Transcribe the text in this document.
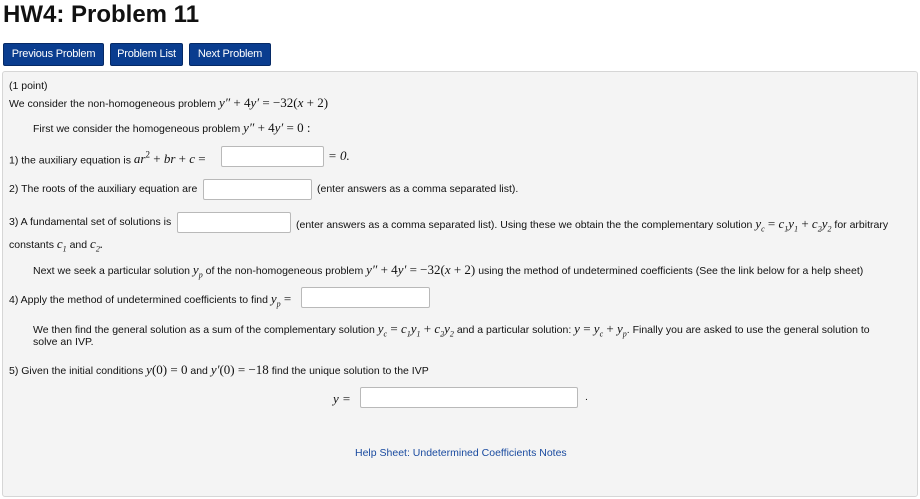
HW4: Problem 11
Previous Problem	Problem List	Next Problem
(1 point)
We consider the non-homogeneous problem y″ + 4y′ = −32(x + 2)
First we consider the homogeneous problem y″ + 4y′ = 0 :
1) the auxiliary equation is $ar^2$ + br + c =	= 0.
2) The roots of the auxiliary equation are	(enter answers as a comma separated list).
3) A fundamental set of solutions is	(enter answers as a comma separated list). Using these we obtain the the complementary solution $y_c = c_1y_1 + c_2y_2$ for arbitrary
constants $c_1$ and $c_2$.
Next we seek a particular solution $y_p$ of the non-homogeneous problem y″ + 4y′ = −32(x + 2) using the method of undetermined coefficients (See the link below for a help sheet)
4) Apply the method of undetermined coefficients to find $y_p$ =
We then find the general solution as a sum of the complementary solution $y_c = c_1y_1 + c_2y_2$ and a particular solution: $y = y_c + y_p$. Finally you are asked to use the general solution to
solve an IVP.
5) Given the initial conditions y(0) = 0 and y′(0) = −18 find the unique solution to the IVP
y =	.
Help Sheet: Undetermined Coefficients Notes
